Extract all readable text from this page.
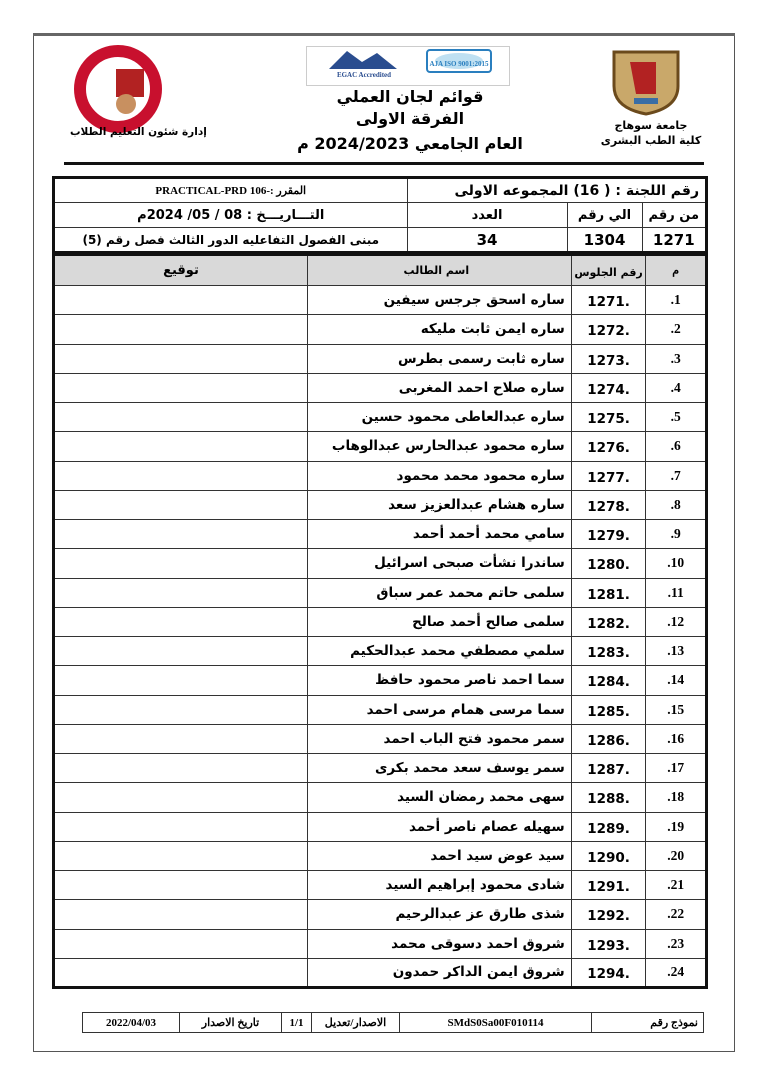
EGAC Accredited
AJA ISO 9001:2015
قوائم لجان العملي
الفرقة الاولى
العام الجامعي 2024/2023 م
إدارة شئون التعليم الطلاب	جامعة سوهاج
كلية الطب البشرى
رقم اللجنة : ( 16) المجموعه الاولى			المقرر :-106 PRACTICAL-PRD
من رقم	الي رقم	العدد	التـــاريـــخ : 08 / 05/ 2024م
1271	1304	34	مبنى الفصول التفاعليه الدور الثالث فصل رقم (5)
م	رقم الجلوس	اسم الطالب	توقيع
.1	1271.	ساره اسحق جرجس سيفين	
.2	1272.	ساره ايمن ثابت مليكه	
.3	1273.	ساره ثابت رسمى بطرس	
.4	1274.	ساره صلاح احمد المغربى	
.5	1275.	ساره عبدالعاطى محمود حسين	
.6	1276.	ساره محمود عبدالحارس عبدالوهاب	
.7	1277.	ساره محمود محمد محمود	
.8	1278.	ساره هشام عبدالعزيز سعد	
.9	1279.	سامي محمد أحمد أحمد	
.10	1280.	ساندرا نشأت صبحى اسرائيل	
.11	1281.	سلمى حاتم محمد عمر سباق	
.12	1282.	سلمى صالح أحمد صالح	
.13	1283.	سلمي مصطفي محمد عبدالحكيم	
.14	1284.	سما احمد ناصر محمود حافظ	
.15	1285.	سما مرسى همام مرسى احمد	
.16	1286.	سمر محمود فتح الباب احمد	
.17	1287.	سمر يوسف سعد محمد بكرى	
.18	1288.	سهى محمد رمضان السيد	
.19	1289.	سهيله عصام ناصر أحمد	
.20	1290.	سيد عوض سيد احمد	
.21	1291.	شادى محمود إبراهيم السيد	
.22	1292.	شذى طارق عز عبدالرحيم	
.23	1293.	شروق احمد دسوقى محمد	
.24	1294.	شروق ايمن الداكر حمدون	
نموذج رقم	SMdS0Sa00F010114	الاصدار/تعديل	1/1	تاريخ الاصدار	2022/04/03
